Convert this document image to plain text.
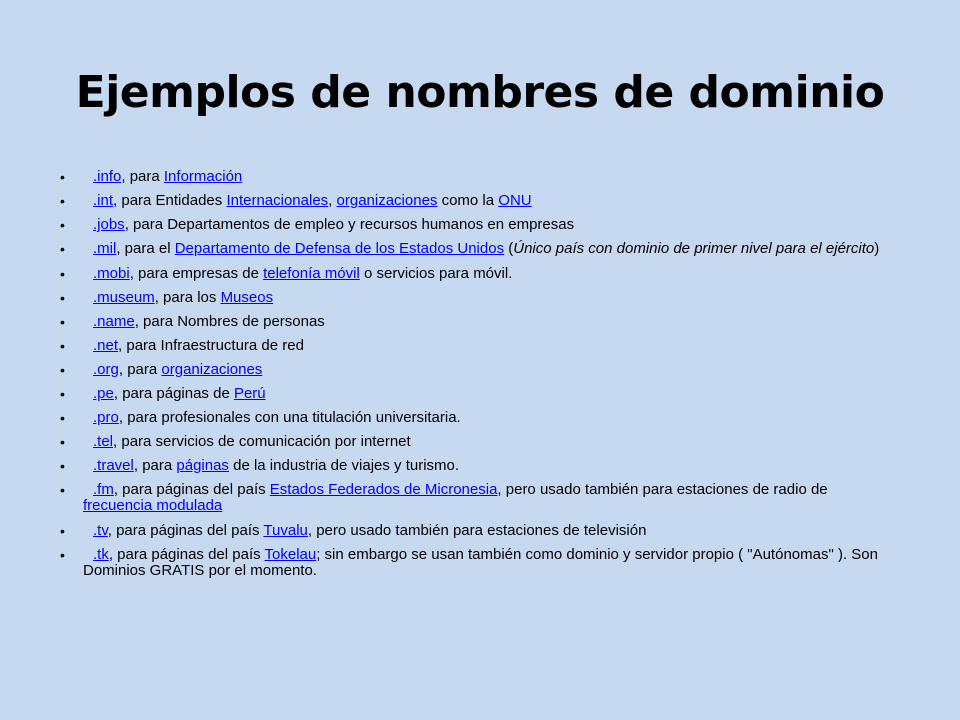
Ejemplos de nombres de dominio
• .info, para Información
• .int, para Entidades Internacionales, organizaciones como la ONU
• .jobs, para Departamentos de empleo y recursos humanos en empresas
• .mil, para el Departamento de Defensa de los Estados Unidos (Único país con dominio de primer nivel para el ejército)
• .mobi, para empresas de telefonía móvil o servicios para móvil.
• .museum, para los Museos
• .name, para Nombres de personas
• .net, para Infraestructura de red
• .org, para organizaciones
• .pe, para páginas de Perú
• .pro, para profesionales con una titulación universitaria.
• .tel, para servicios de comunicación por internet
• .travel, para páginas de la industria de viajes y turismo.
• .fm, para páginas del país Estados Federados de Micronesia, pero usado también para estaciones de radio de frecuencia modulada
• .tv, para páginas del país Tuvalu, pero usado también para estaciones de televisión
• .tk, para páginas del país Tokelau; sin embargo se usan también como dominio y servidor propio ( "Autónomas" ). Son Dominios GRATIS por el momento.
